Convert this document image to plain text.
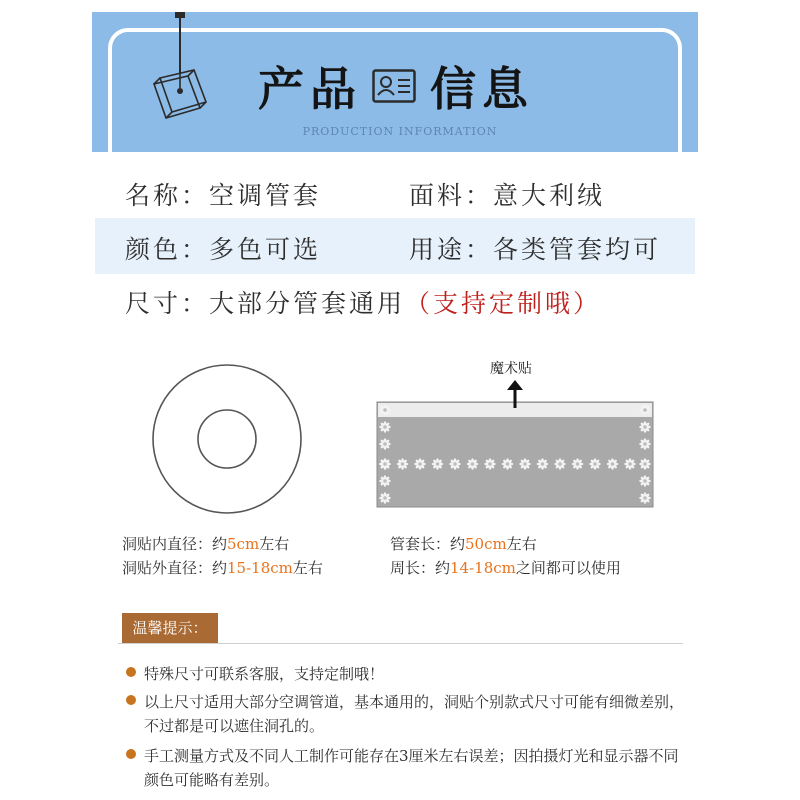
产品 信息
PRODUCTION INFORMATION
名称：空调管套	面料：意大利绒
颜色：多色可选	用途：各类管套均可
尺寸：大部分管套通用（支持定制哦）
洞贴内直径：约5cm左右
洞贴外直径：约15-18cm左右
魔术贴
管套长：约50cm左右
周长：约14-18cm之间都可以使用
温馨提示：
特殊尺寸可联系客服，支持定制哦！
以上尺寸适用大部分空调管道，基本通用的，洞贴个别款式尺寸可能有细微差别，不过都是可以遮住洞孔的。
手工测量方式及不同人工制作可能存在3厘米左右误差；因拍摄灯光和显示器不同颜色可能略有差别。
